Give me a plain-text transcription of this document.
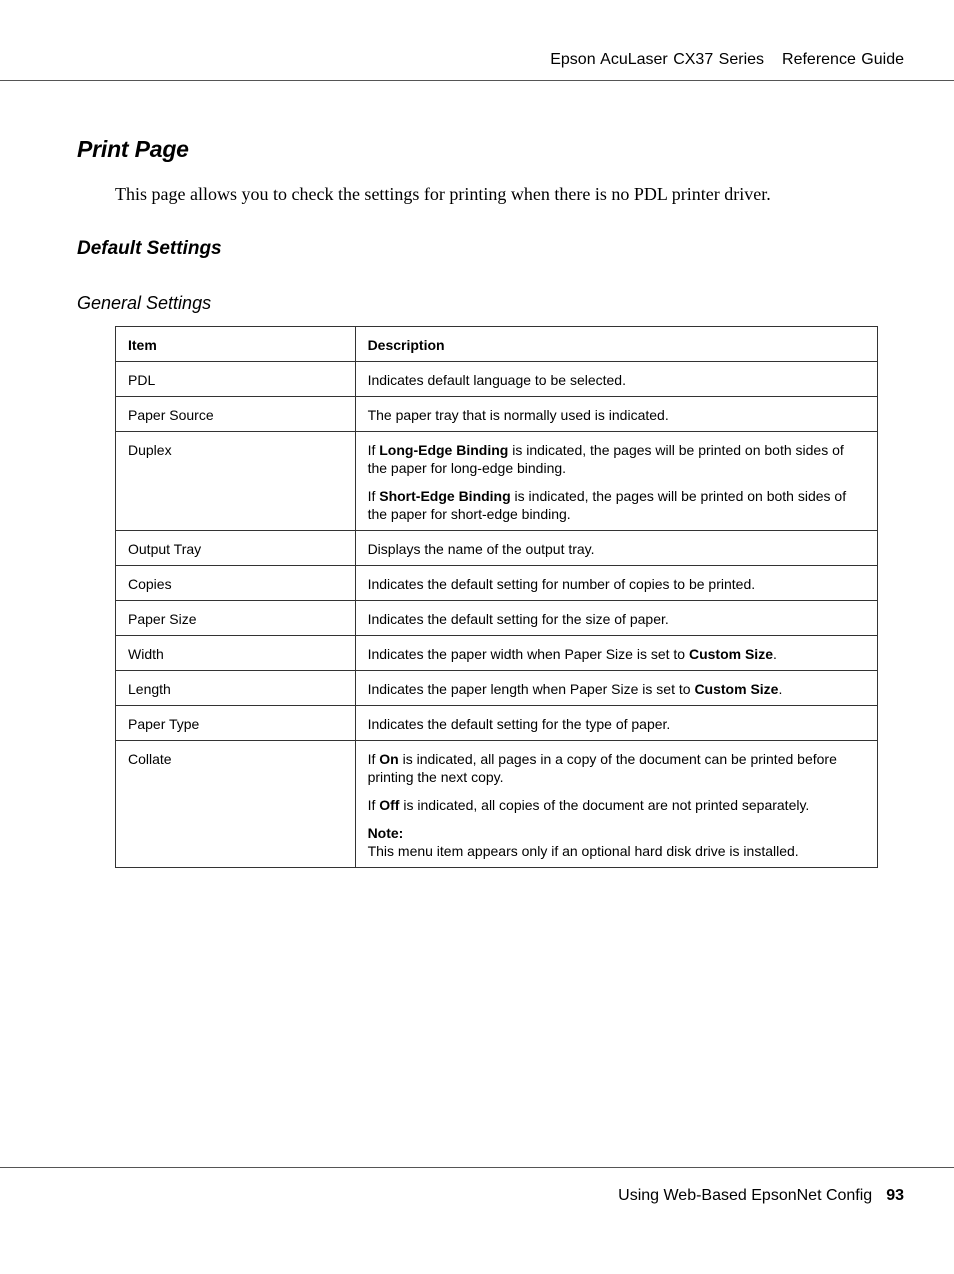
Epson AcuLaser CX37 Series Reference Guide
Print Page

This page allows you to check the settings for printing when there is no PDL printer driver.

Default Settings
General Settings
Item	Description
PDL	Indicates default language to be selected.
Paper Source	The paper tray that is normally used is indicated.
Duplex	If Long-Edge Binding is indicated, the pages will be printed on both sides of the paper for long-edge binding.

If Short-Edge Binding is indicated, the pages will be printed on both sides of the paper for short-edge binding.

Output Tray	Displays the name of the output tray.
Copies	Indicates the default setting for number of copies to be printed.
Paper Size	Indicates the default setting for the size of paper.
Width	Indicates the paper width when Paper Size is set to Custom Size.
Length	Indicates the paper length when Paper Size is set to Custom Size.
Paper Type	Indicates the default setting for the type of paper.
Collate	If On is indicated, all pages in a copy of the document can be printed before printing the next copy.

If Off is indicated, all copies of the document are not printed separately.

Note:
This menu item appears only if an optional hard disk drive is installed.

Using Web-Based EpsonNet Config 93
